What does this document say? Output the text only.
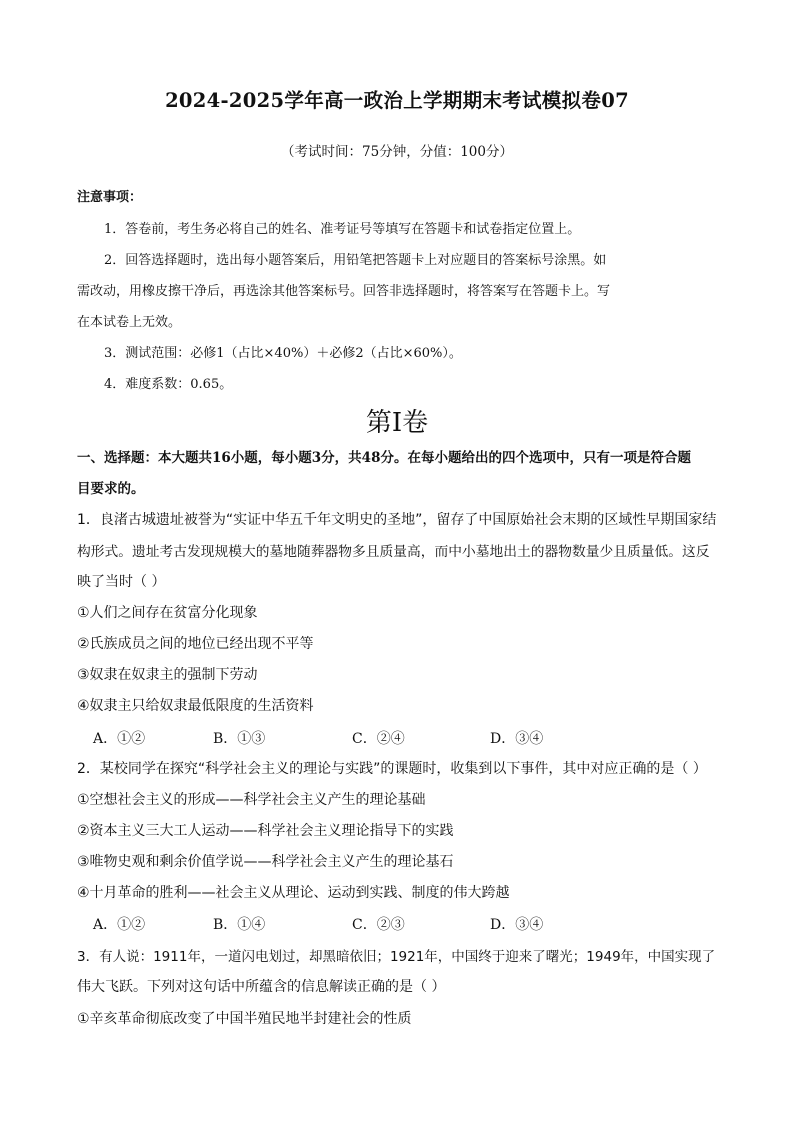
2024-2025学年高一政治上学期期末考试模拟卷07
（考试时间：75分钟，分值：100分）
注意事项：
1．答卷前，考生务必将自己的姓名、准考证号等填写在答题卡和试卷指定位置上。
2．回答选择题时，选出每小题答案后，用铅笔把答题卡上对应题目的答案标号涂黑。如
需改动，用橡皮擦干净后，再选涂其他答案标号。回答非选择题时，将答案写在答题卡上。写
在本试卷上无效。
3．测试范围：必修1（占比×40%）＋必修2（占比×60%）。
4．难度系数：0.65。
第I卷
一、选择题：本大题共16小题，每小题3分，共48分。在每小题给出的四个选项中，只有一项是符合题
目要求的。
1．良渚古城遗址被誉为“实证中华五千年文明史的圣地”，留存了中国原始社会末期的区域性早期国家结
构形式。遗址考古发现规模大的墓地随葬器物多且质量高，而中小墓地出土的器物数量少且质量低。这反
映了当时（ ）
①人们之间存在贫富分化现象
②氏族成员之间的地位已经出现不平等
③奴隶在奴隶主的强制下劳动
④奴隶主只给奴隶最低限度的生活资料
A．①②	B．①③	C．②④	D．③④
2．某校同学在探究“科学社会主义的理论与实践”的课题时，收集到以下事件，其中对应正确的是（ ）
①空想社会主义的形成——科学社会主义产生的理论基础
②资本主义三大工人运动——科学社会主义理论指导下的实践
③唯物史观和剩余价值学说——科学社会主义产生的理论基石
④十月革命的胜利——社会主义从理论、运动到实践、制度的伟大跨越
A．①②	B．①④	C．②③	D．③④
3．有人说：1911年，一道闪电划过，却黑暗依旧；1921年，中国终于迎来了曙光；1949年，中国实现了
伟大飞跃。下列对这句话中所蕴含的信息解读正确的是（ ）
①辛亥革命彻底改变了中国半殖民地半封建社会的性质
